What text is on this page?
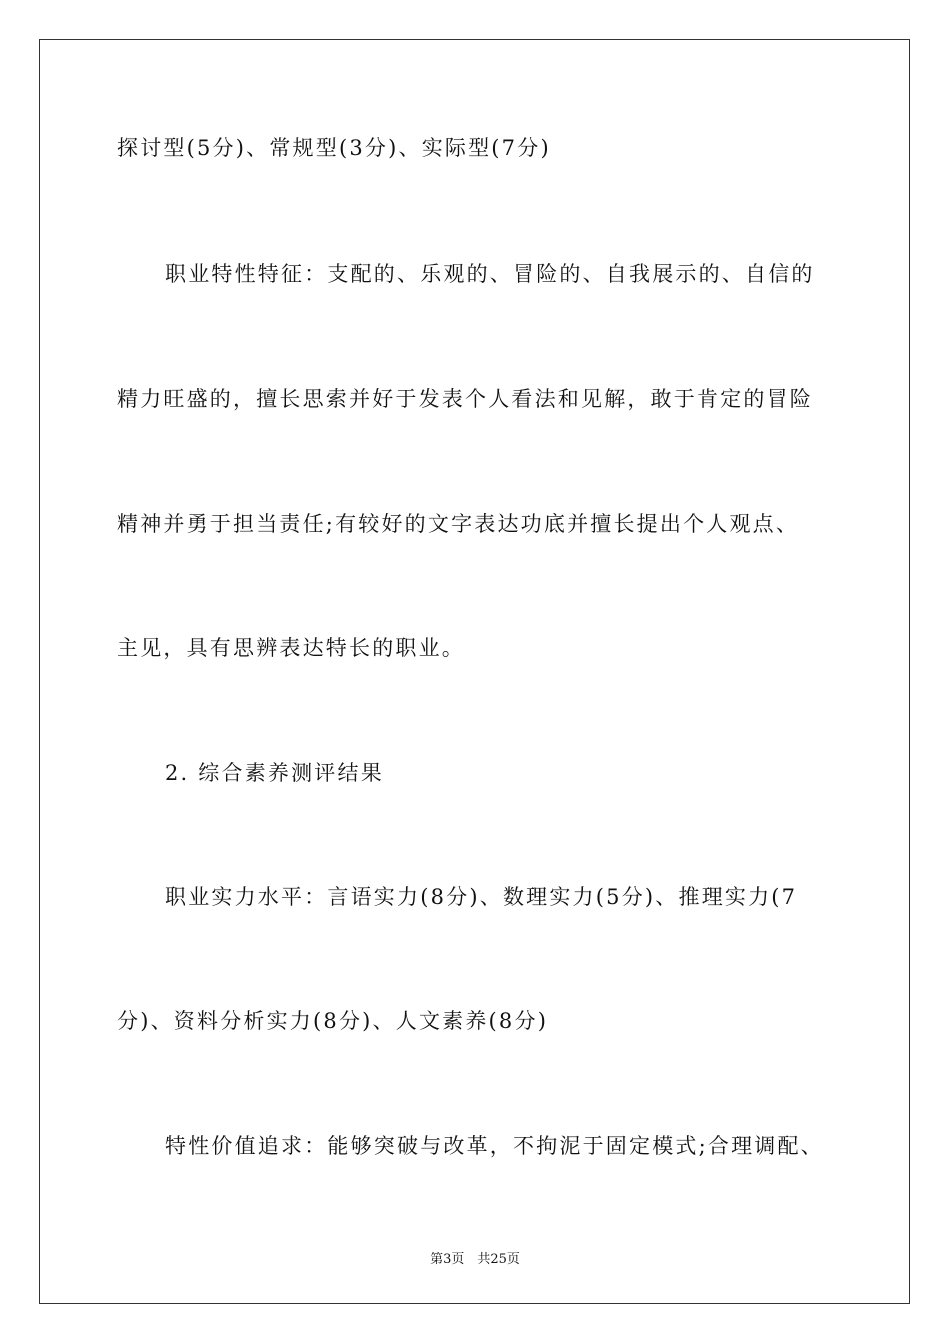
探讨型(5分)、常规型(3分)、实际型(7分)
职业特性特征：支配的、乐观的、冒险的、自我展示的、自信的
精力旺盛的，擅长思索并好于发表个人看法和见解，敢于肯定的冒险
精神并勇于担当责任;有较好的文字表达功底并擅长提出个人观点、
主见，具有思辨表达特长的职业。
2. 综合素养测评结果
职业实力水平：言语实力(8分)、数理实力(5分)、推理实力(7
分)、资料分析实力(8分)、人文素养(8分)
特性价值追求：能够突破与改革，不拘泥于固定模式;合理调配、
第3页　共25页
